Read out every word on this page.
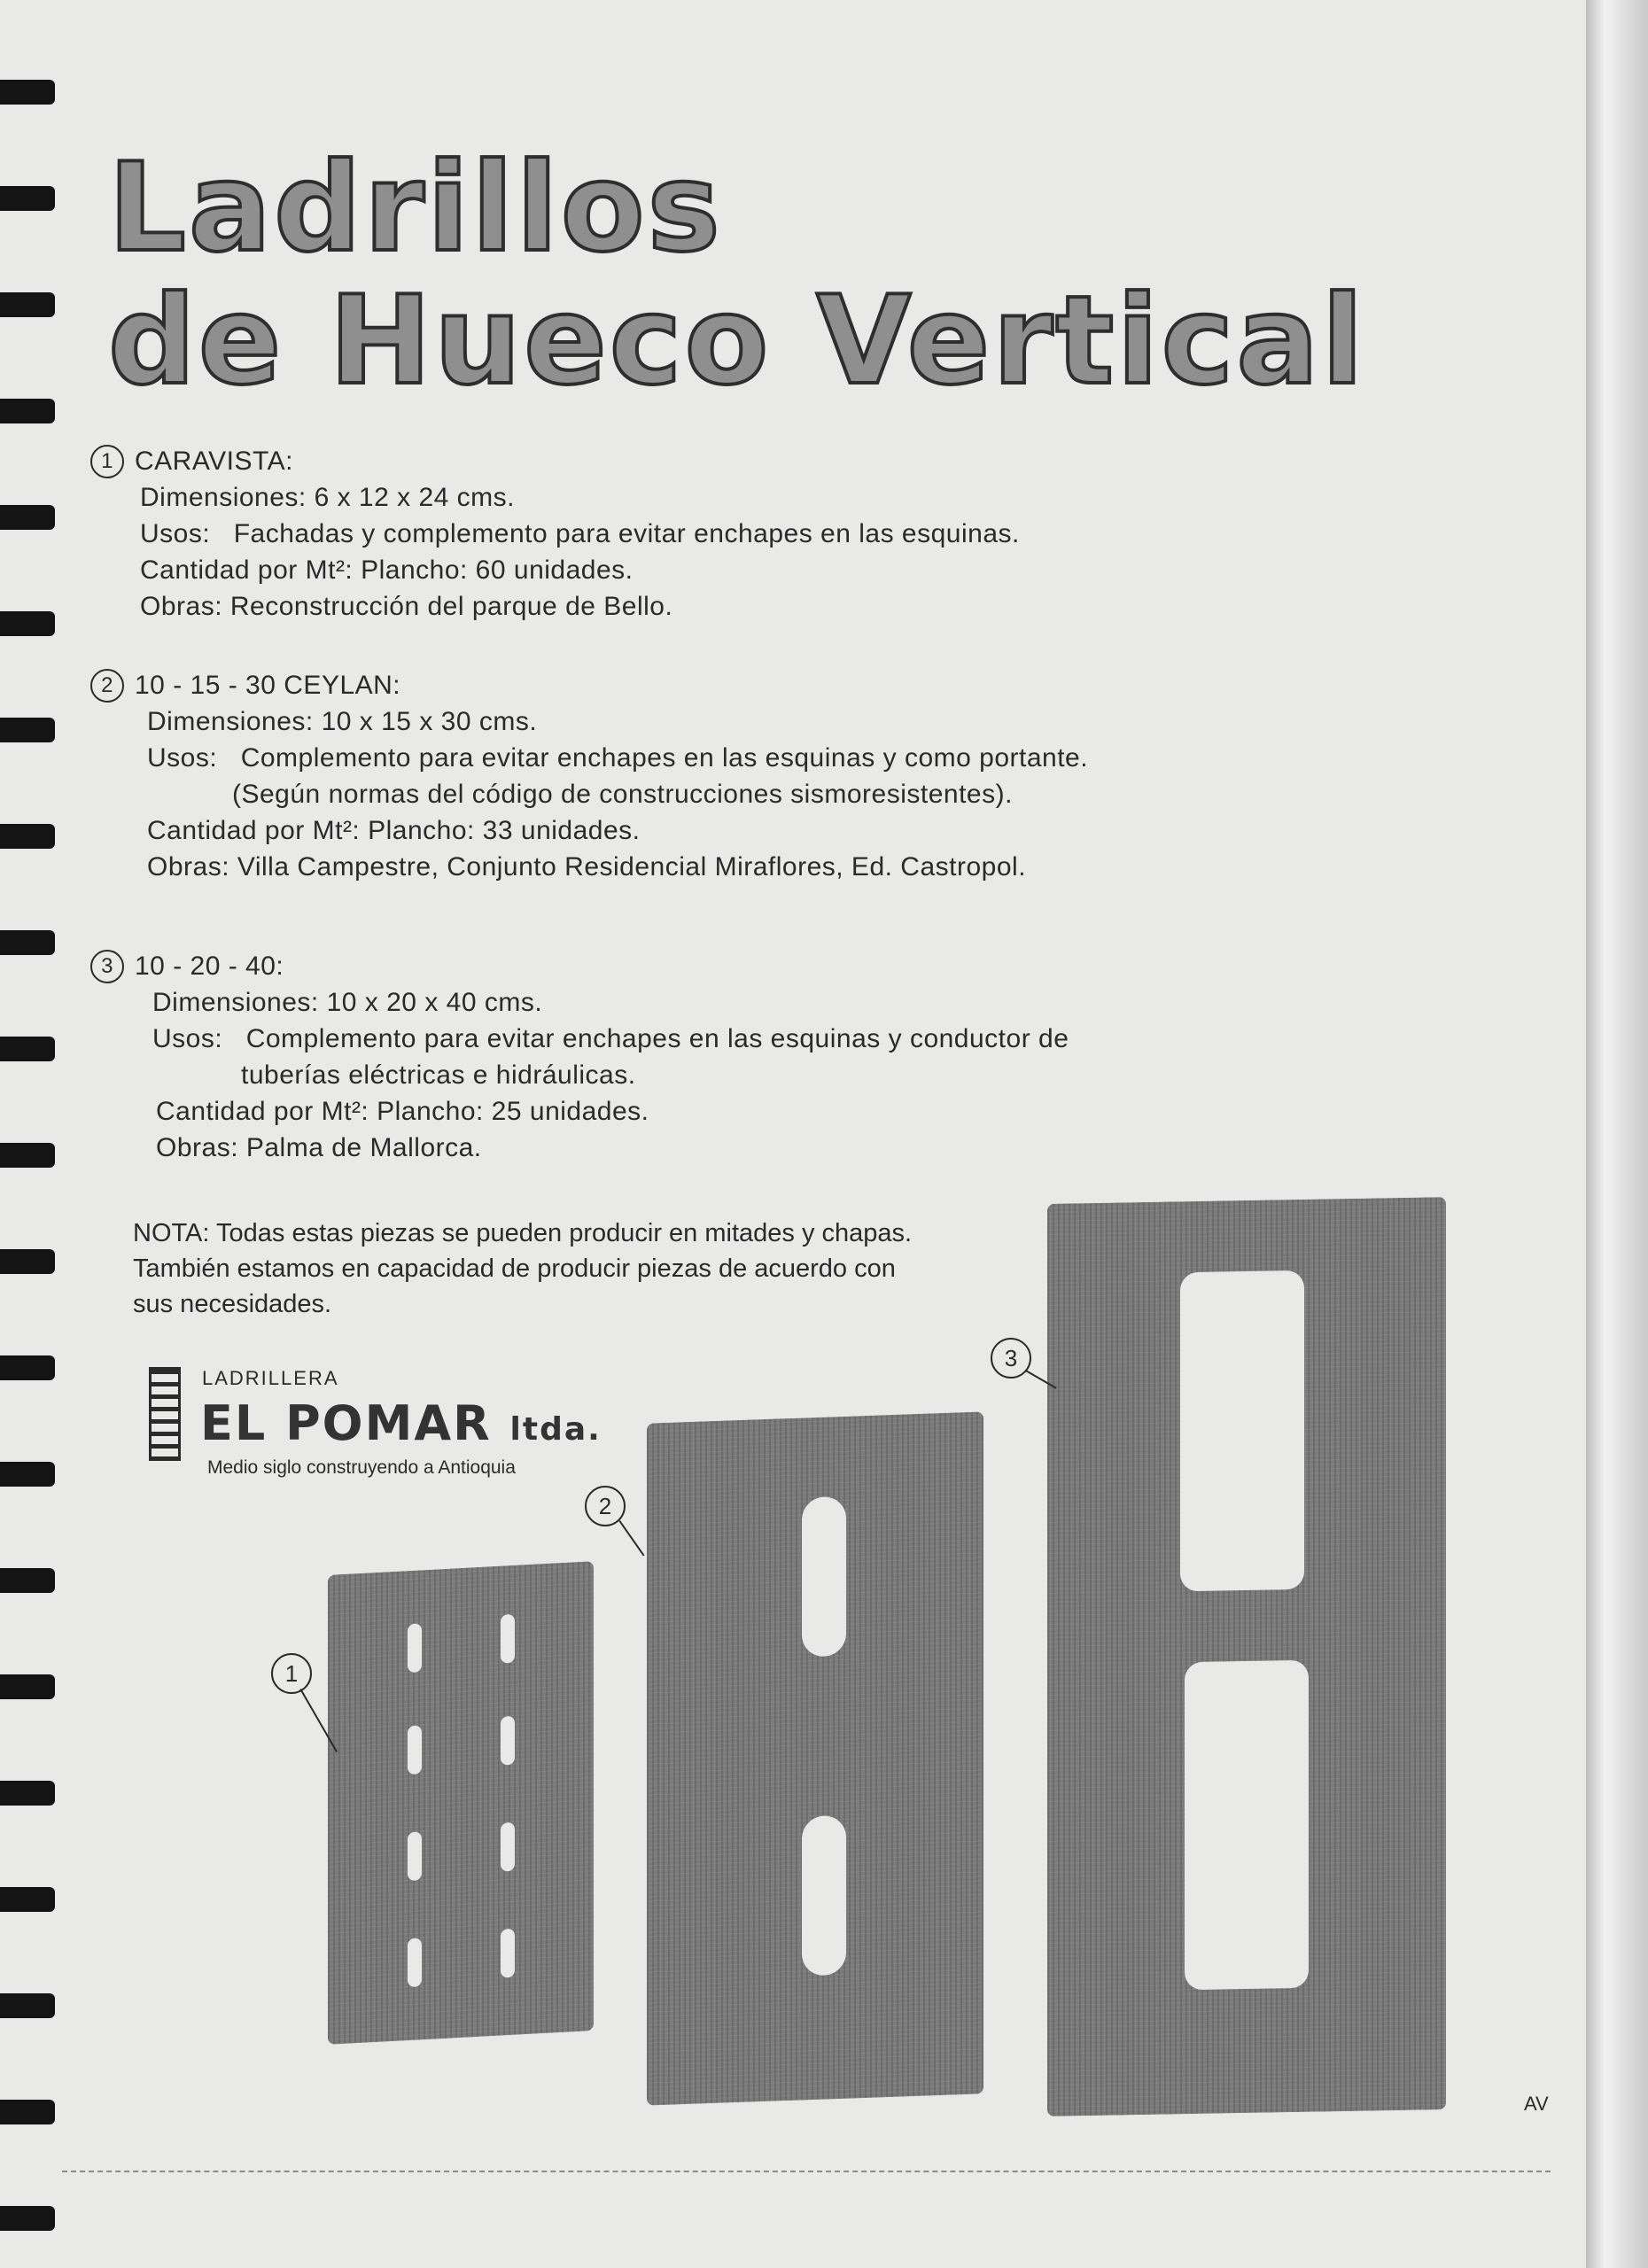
Ladrillos
de Hueco Vertical
1 CARAVISTA:
Dimensiones: 6 x 12 x 24 cms.
Usos:   Fachadas y complemento para evitar enchapes en las esquinas.
Cantidad por Mt²: Plancho: 60 unidades.
Obras: Reconstrucción del parque de Bello.
2 10 - 15 - 30 CEYLAN:
Dimensiones: 10 x 15 x 30 cms.
Usos:   Complemento para evitar enchapes en las esquinas y como portante.
(Según normas del código de construcciones sismoresistentes).
Cantidad por Mt²: Plancho: 33 unidades.
Obras: Villa Campestre, Conjunto Residencial Miraflores, Ed. Castropol.
3 10 - 20 - 40:
Dimensiones: 10 x 20 x 40 cms.
Usos:   Complemento para evitar enchapes en las esquinas y conductor de
tuberías eléctricas e hidráulicas.
Cantidad por Mt²: Plancho: 25 unidades.
Obras: Palma de Mallorca.
NOTA: Todas estas piezas se pueden producir en mitades y chapas.
También estamos en capacidad de producir piezas de acuerdo con
sus necesidades.
LADRILLERA
EL POMAR ltda.
Medio siglo construyendo a Antioquia
3
2
1
AV
